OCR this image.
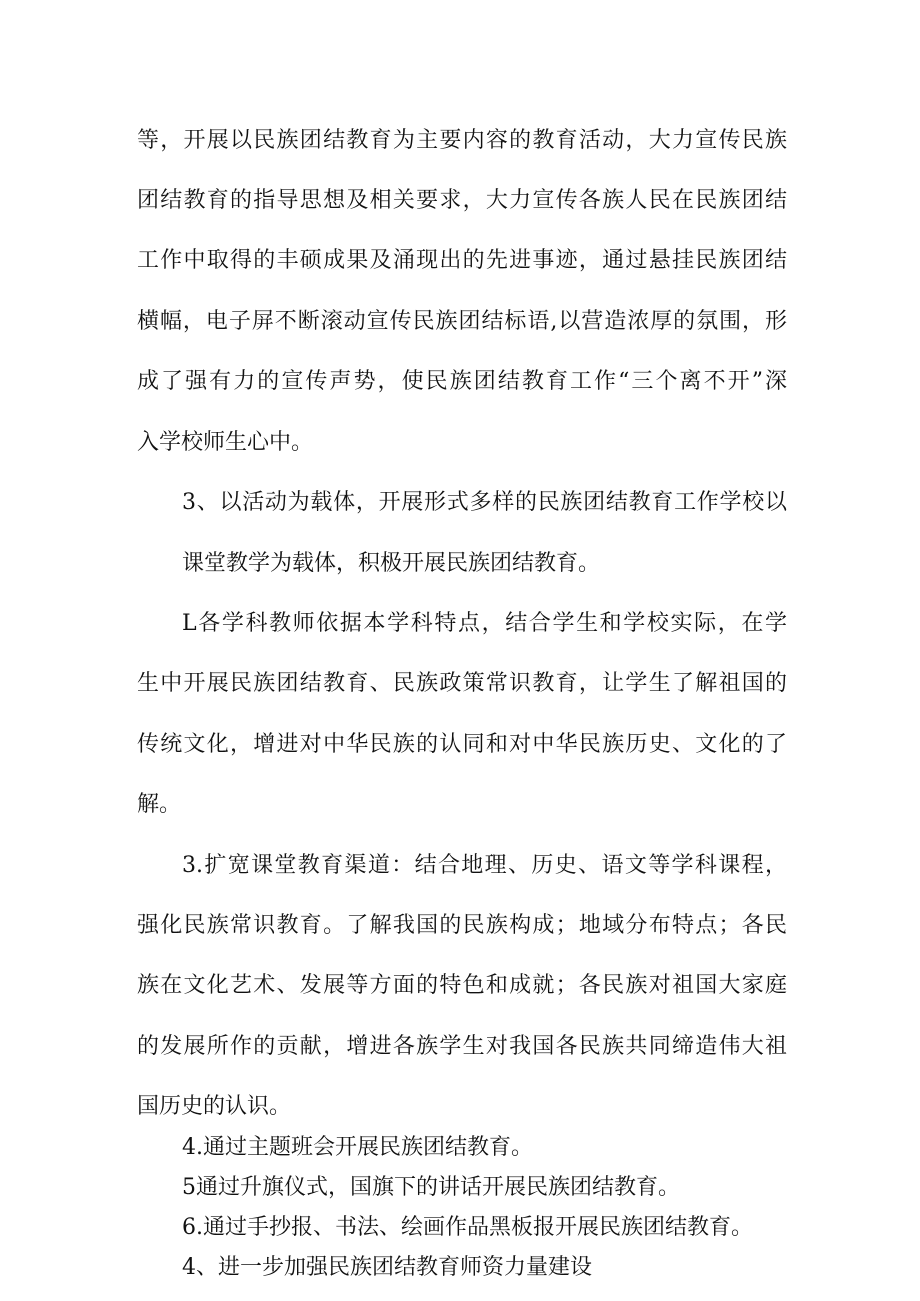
等，开展以民族团结教育为主要内容的教育活动，大力宣传民族
团结教育的指导思想及相关要求，大力宣传各族人民在民族团结
工作中取得的丰硕成果及涌现出的先进事迹，通过悬挂民族团结
横幅，电子屏不断滚动宣传民族团结标语,以营造浓厚的氛围，形
成了强有力的宣传声势，使民族团结教育工作“三个离不开”深
入学校师生心中。
3、以活动为载体，开展形式多样的民族团结教育工作学校以
课堂教学为载体，积极开展民族团结教育。
L各学科教师依据本学科特点，结合学生和学校实际，在学
生中开展民族团结教育、民族政策常识教育，让学生了解祖国的
传统文化，增进对中华民族的认同和对中华民族历史、文化的了
解。
3.扩宽课堂教育渠道：结合地理、历史、语文等学科课程，
强化民族常识教育。了解我国的民族构成；地域分布特点；各民
族在文化艺术、发展等方面的特色和成就；各民族对祖国大家庭
的发展所作的贡献，增进各族学生对我国各民族共同缔造伟大祖
国历史的认识。
4.通过主题班会开展民族团结教育。
5通过升旗仪式，国旗下的讲话开展民族团结教育。
6.通过手抄报、书法、绘画作品黑板报开展民族团结教育。
4、进一步加强民族团结教育师资力量建设
